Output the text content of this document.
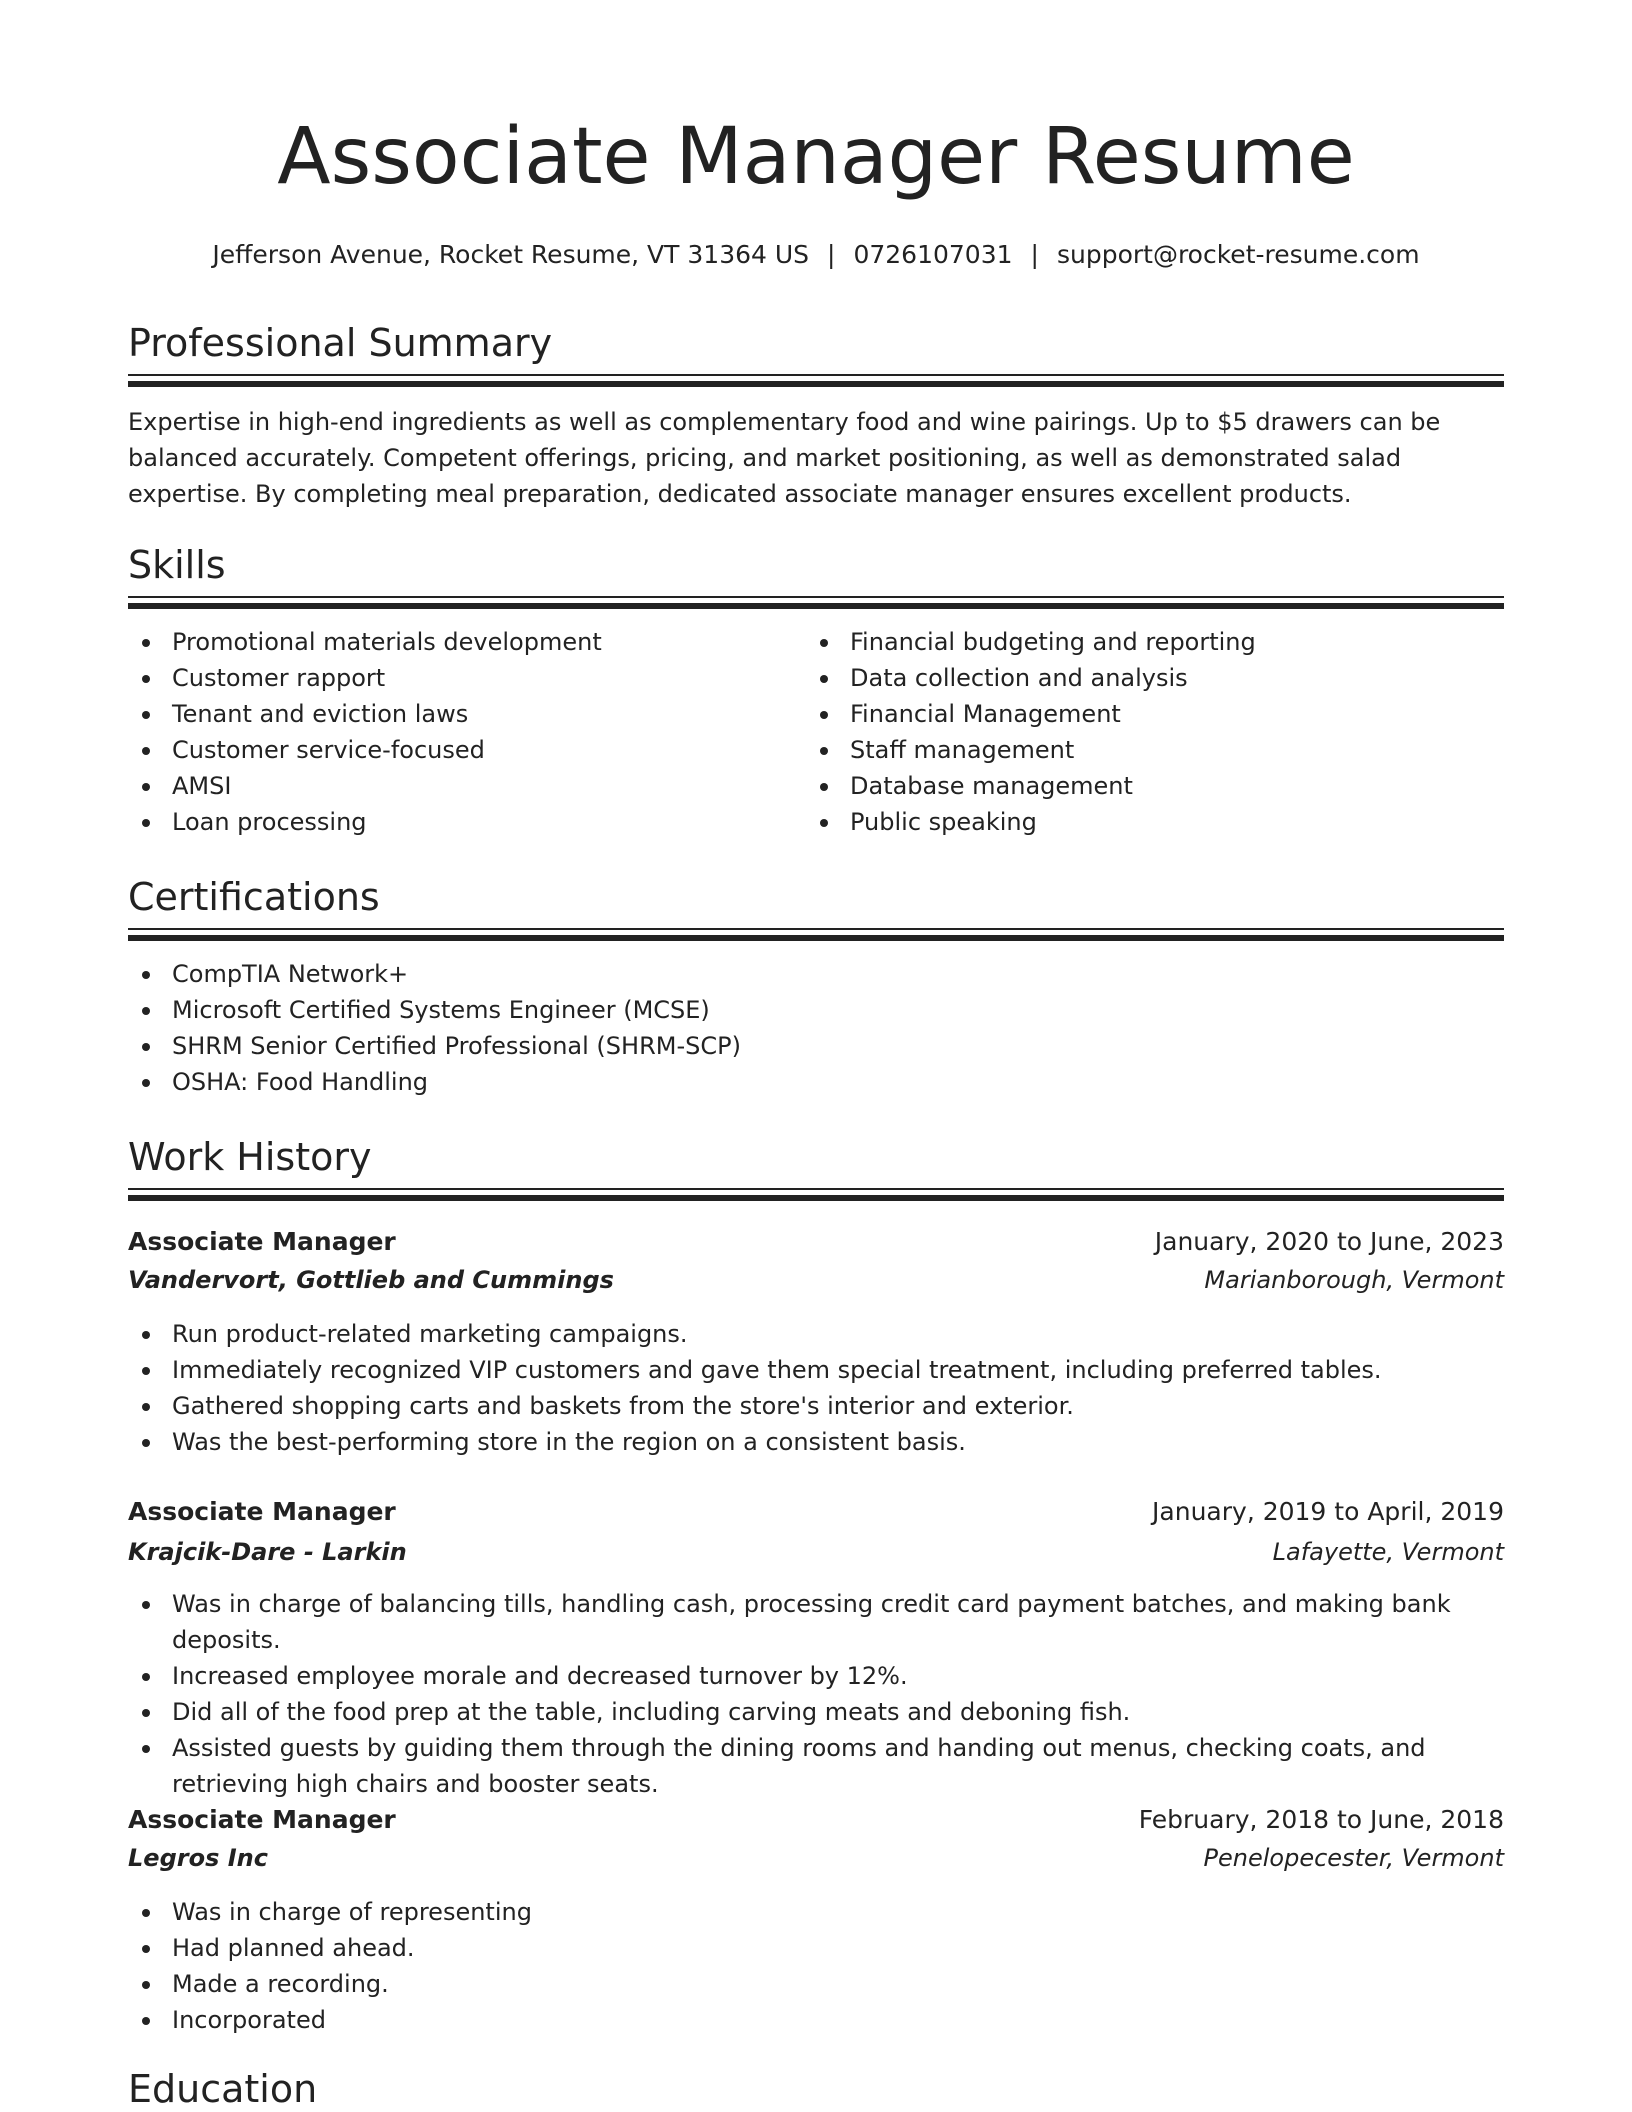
Associate Manager Resume
Jefferson Avenue, Rocket Resume, VT 31364 US | 0726107031 | support@rocket-resume.com
Professional Summary

Expertise in high-end ingredients as well as complementary food and wine pairings. Up to $5 drawers can be balanced accurately. Competent offerings, pricing, and market positioning, as well as demonstrated salad expertise. By completing meal preparation, dedicated associate manager ensures excellent products.

Skills
Promotional materials development
Customer rapport
Tenant and eviction laws
Customer service-focused
AMSI
Loan processing
Financial budgeting and reporting
Data collection and analysis
Financial Management
Staff management
Database management
Public speaking
Certifications
CompTIA Network+
Microsoft Certified Systems Engineer (MCSE)
SHRM Senior Certified Professional (SHRM-SCP)
OSHA: Food Handling
Work History
Associate Manager	January, 2020 to June, 2023
Vandervort, Gottlieb and Cummings	Marianborough, Vermont
Run product-related marketing campaigns.
Immediately recognized VIP customers and gave them special treatment, including preferred tables.
Gathered shopping carts and baskets from the store's interior and exterior.
Was the best-performing store in the region on a consistent basis.
Associate Manager	January, 2019 to April, 2019
Krajcik-Dare - Larkin	Lafayette, Vermont
Was in charge of balancing tills, handling cash, processing credit card payment batches, and making bank deposits.
Increased employee morale and decreased turnover by 12%.
Did all of the food prep at the table, including carving meats and deboning fish.
Assisted guests by guiding them through the dining rooms and handing out menus, checking coats, and retrieving high chairs and booster seats.
Associate Manager	February, 2018 to June, 2018
Legros Inc	Penelopecester, Vermont
Was in charge of representing
Had planned ahead.
Made a recording.
Incorporated
Education
